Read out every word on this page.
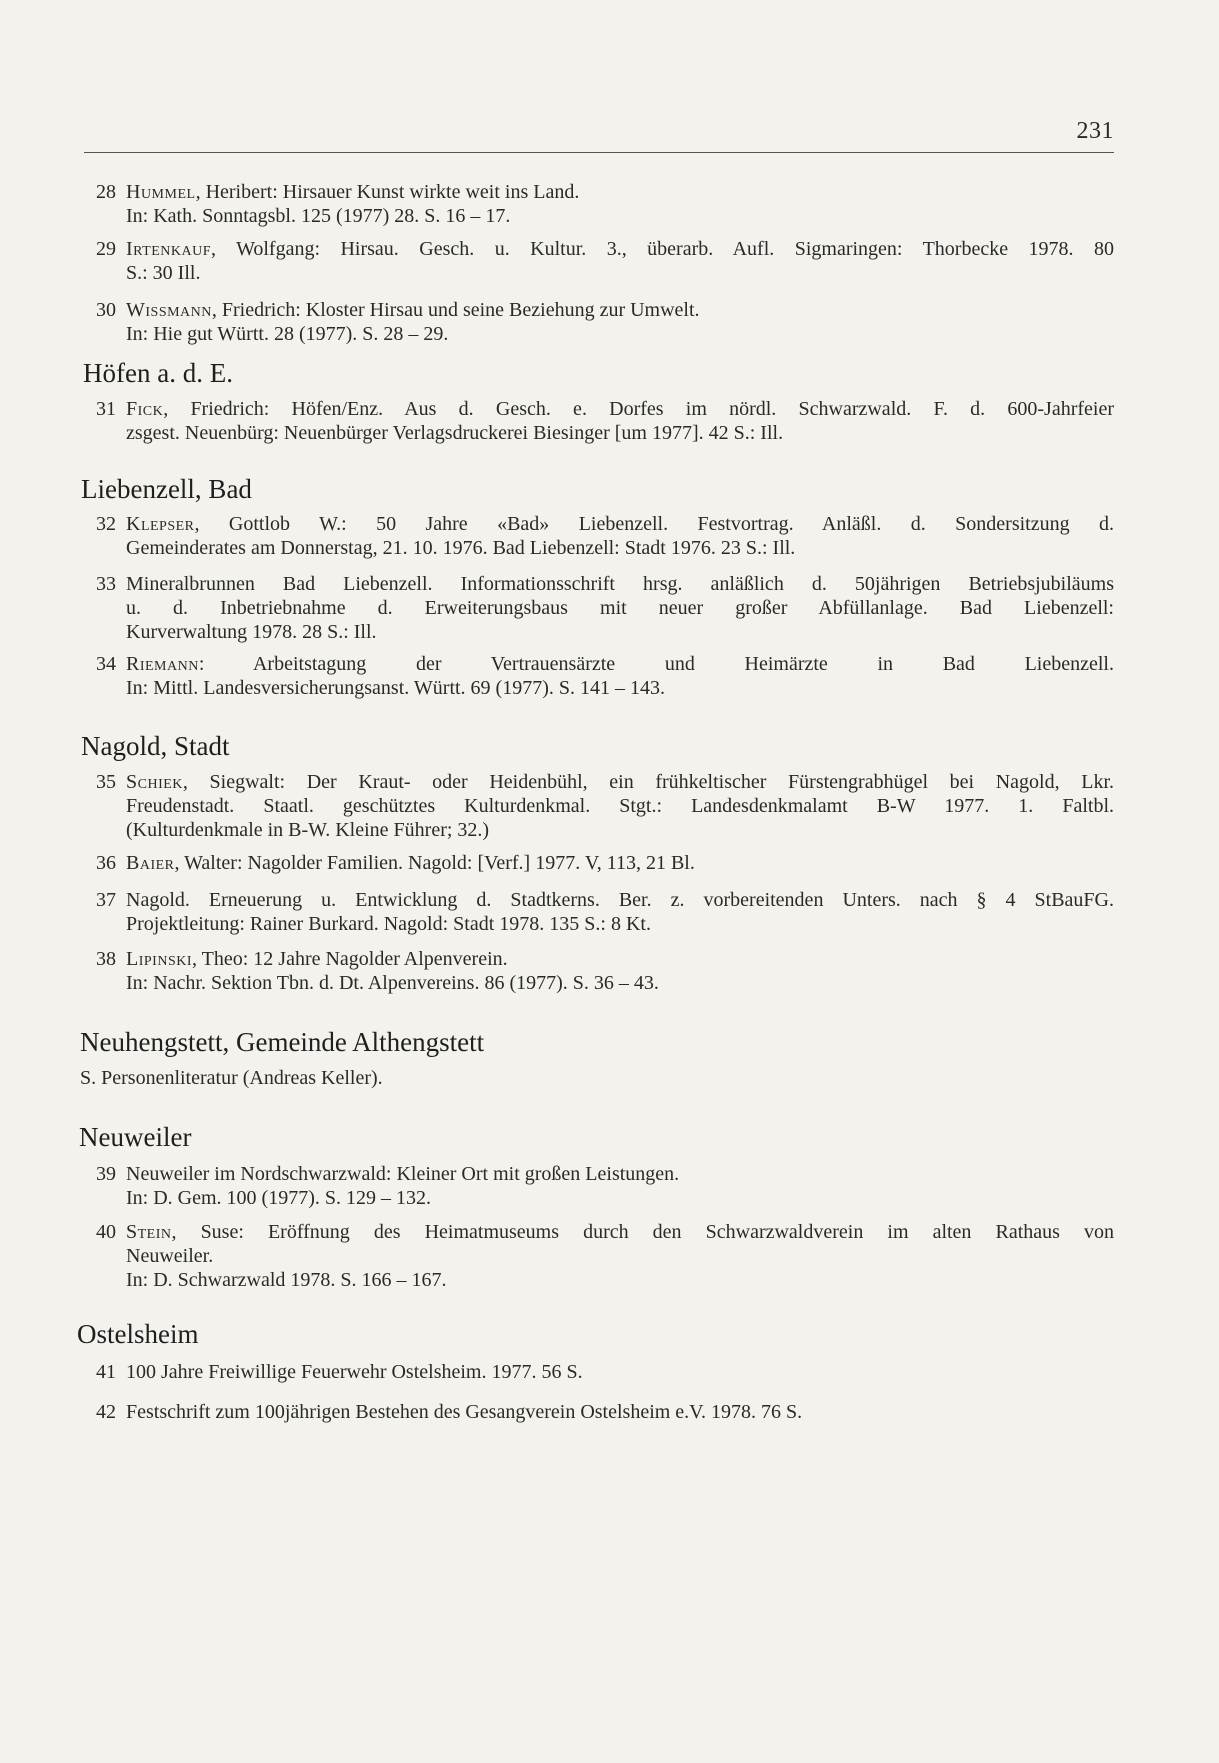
231
28 Hummel, Heribert: Hirsauer Kunst wirkte weit ins Land.
In: Kath. Sonntagsbl. 125 (1977) 28. S. 16 – 17.
29 Irtenkauf, Wolfgang: Hirsau. Gesch. u. Kultur. 3., überarb. Aufl. Sigmaringen: Thorbecke 1978. 80
S.: 30 Ill.
30 Wissmann, Friedrich: Kloster Hirsau und seine Beziehung zur Umwelt.
In: Hie gut Württ. 28 (1977). S. 28 – 29.
Höfen a. d. E.
31 Fick, Friedrich: Höfen/Enz. Aus d. Gesch. e. Dorfes im nördl. Schwarzwald. F. d. 600-Jahrfeier
zsgest. Neuenbürg: Neuenbürger Verlagsdruckerei Biesinger [um 1977]. 42 S.: Ill.
Liebenzell, Bad
32 Klepser, Gottlob W.: 50 Jahre «Bad» Liebenzell. Festvortrag. Anläßl. d. Sondersitzung d.
Gemeinderates am Donnerstag, 21. 10. 1976. Bad Liebenzell: Stadt 1976. 23 S.: Ill.
33 Mineralbrunnen Bad Liebenzell. Informationsschrift hrsg. anläßlich d. 50jährigen Betriebsjubiläums
u. d. Inbetriebnahme d. Erweiterungsbaus mit neuer großer Abfüllanlage. Bad Liebenzell:
Kurverwaltung 1978. 28 S.: Ill.
34 Riemann: Arbeitstagung der Vertrauensärzte und Heimärzte in Bad Liebenzell.
In: Mittl. Landesversicherungsanst. Württ. 69 (1977). S. 141 – 143.
Nagold, Stadt
35 Schiek, Siegwalt: Der Kraut- oder Heidenbühl, ein frühkeltischer Fürstengrabhügel bei Nagold, Lkr.
Freudenstadt. Staatl. geschütztes Kulturdenkmal. Stgt.: Landesdenkmalamt B-W 1977. 1. Faltbl.
(Kulturdenkmale in B-W. Kleine Führer; 32.)
36 Baier, Walter: Nagolder Familien. Nagold: [Verf.] 1977. V, 113, 21 Bl.
37 Nagold. Erneuerung u. Entwicklung d. Stadtkerns. Ber. z. vorbereitenden Unters. nach § 4 StBauFG.
Projektleitung: Rainer Burkard. Nagold: Stadt 1978. 135 S.: 8 Kt.
38 Lipinski, Theo: 12 Jahre Nagolder Alpenverein.
In: Nachr. Sektion Tbn. d. Dt. Alpenvereins. 86 (1977). S. 36 – 43.
Neuhengstett, Gemeinde Althengstett
S. Personenliteratur (Andreas Keller).
Neuweiler
39 Neuweiler im Nordschwarzwald: Kleiner Ort mit großen Leistungen.
In: D. Gem. 100 (1977). S. 129 – 132.
40 Stein, Suse: Eröffnung des Heimatmuseums durch den Schwarzwaldverein im alten Rathaus von
Neuweiler.
In: D. Schwarzwald 1978. S. 166 – 167.
Ostelsheim
41 100 Jahre Freiwillige Feuerwehr Ostelsheim. 1977. 56 S.
42 Festschrift zum 100jährigen Bestehen des Gesangverein Ostelsheim e.V. 1978. 76 S.
